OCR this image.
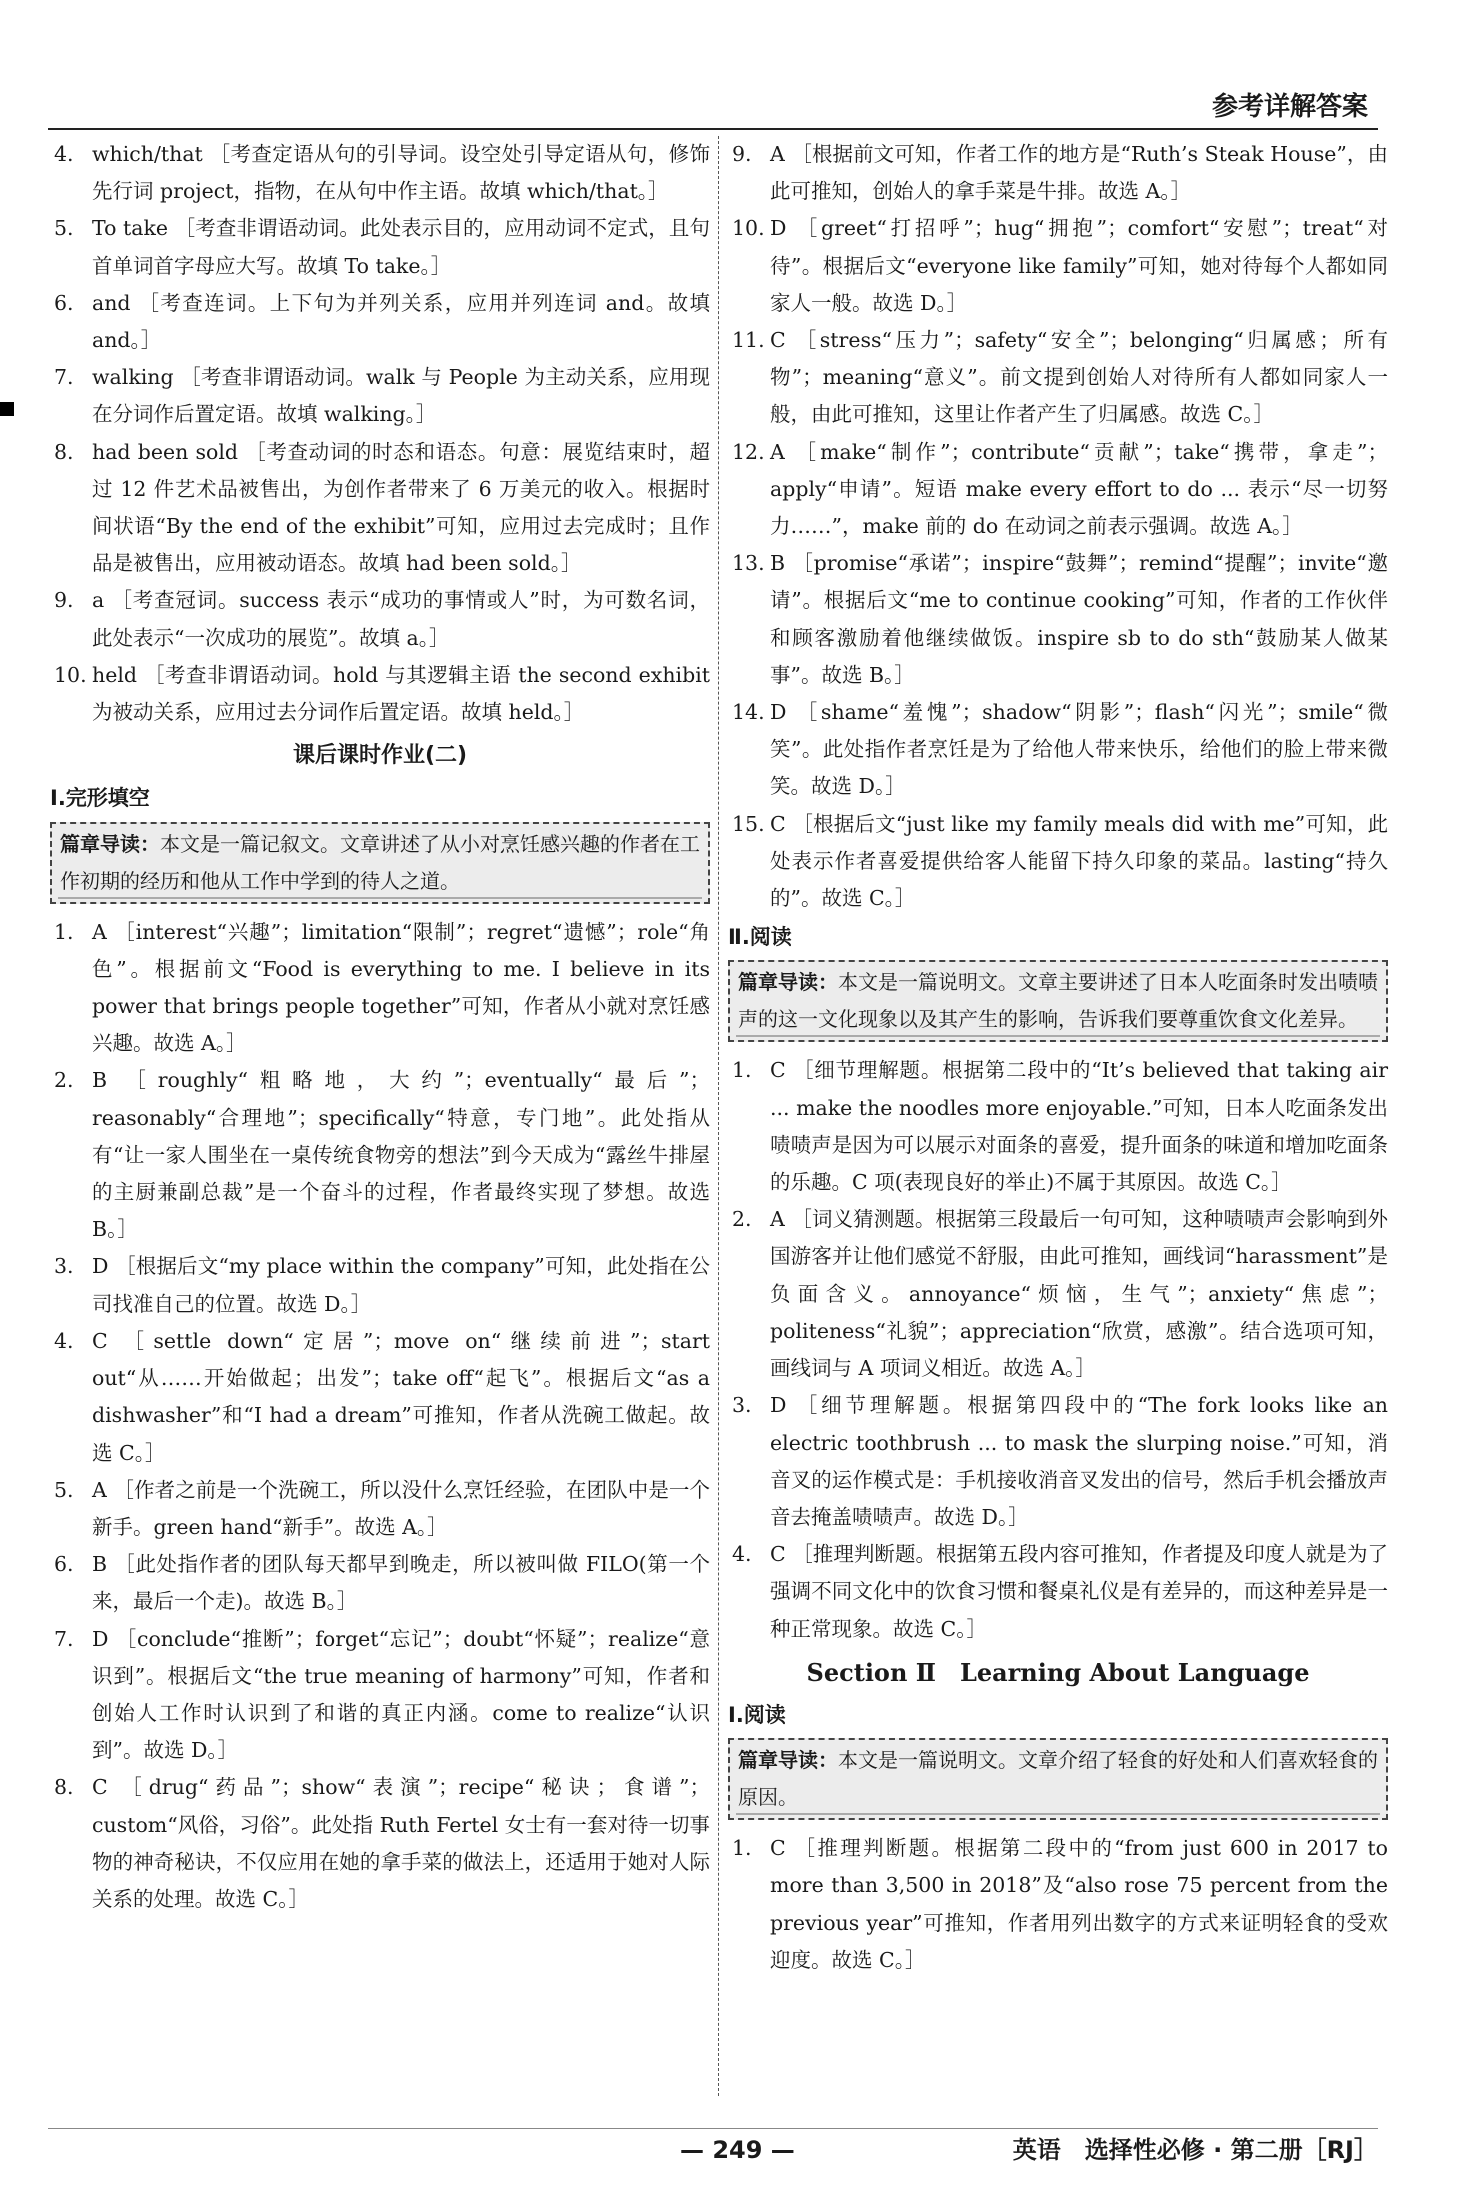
参考详解答案
4. which/that ［考查定语从句的引导词。设空处引导定语从句，修饰先行词 project，指物，在从句中作主语。故填 which/that。］
5. To take ［考查非谓语动词。此处表示目的，应用动词不定式，且句首单词首字母应大写。故填 To take。］
6. and ［考查连词。上下句为并列关系，应用并列连词 and。故填 and。］
7. walking ［考查非谓语动词。walk 与 People 为主动关系，应用现在分词作后置定语。故填 walking。］
8. had been sold ［考查动词的时态和语态。句意：展览结束时，超过 12 件艺术品被售出，为创作者带来了 6 万美元的收入。根据时间状语“By the end of the exhibit”可知，应用过去完成时；且作品是被售出，应用被动语态。故填 had been sold。］
9. a ［考查冠词。success 表示“成功的事情或人”时，为可数名词，此处表示“一次成功的展览”。故填 a。］
10. held ［考查非谓语动词。hold 与其逻辑主语 the second exhibit 为被动关系，应用过去分词作后置定语。故填 held。］
课后课时作业(二)
Ⅰ.完形填空
篇章导读：本文是一篇记叙文。文章讲述了从小对烹饪感兴趣的作者在工作初期的经历和他从工作中学到的待人之道。
1. A ［interest“兴趣”；limitation“限制”；regret“遗憾”；role“角色”。根据前文“Food is everything to me. I believe in its power that brings people together”可知，作者从小就对烹饪感兴趣。故选 A。］
2. B ［roughly“粗略地，大约”；eventually“最后”；reasonably“合理地”；specifically“特意，专门地”。此处指从有“让一家人围坐在一桌传统食物旁的想法”到今天成为“露丝牛排屋的主厨兼副总裁”是一个奋斗的过程，作者最终实现了梦想。故选 B。］
3. D ［根据后文“my place within the company”可知，此处指在公司找准自己的位置。故选 D。］
4. C ［settle down“定居”；move on“继续前进”；start out“从……开始做起；出发”；take off“起飞”。根据后文“as a dishwasher”和“I had a dream”可推知，作者从洗碗工做起。故选 C。］
5. A ［作者之前是一个洗碗工，所以没什么烹饪经验，在团队中是一个新手。green hand“新手”。故选 A。］
6. B ［此处指作者的团队每天都早到晚走，所以被叫做 FILO(第一个来，最后一个走)。故选 B。］
7. D ［conclude“推断”；forget“忘记”；doubt“怀疑”；realize“意识到”。根据后文“the true meaning of harmony”可知，作者和创始人工作时认识到了和谐的真正内涵。come to realize“认识到”。故选 D。］
8. C ［drug“药品”；show“表演”；recipe“秘诀；食谱”；custom“风俗，习俗”。此处指 Ruth Fertel 女士有一套对待一切事物的神奇秘诀，不仅应用在她的拿手菜的做法上，还适用于她对人际关系的处理。故选 C。］
9. A ［根据前文可知，作者工作的地方是“Ruth’s Steak House”，由此可推知，创始人的拿手菜是牛排。故选 A。］
10. D ［greet“打招呼”；hug“拥抱”；comfort“安慰”；treat“对待”。根据后文“everyone like family”可知，她对待每个人都如同家人一般。故选 D。］
11. C ［stress“压力”；safety“安全”；belonging“归属感；所有物”；meaning“意义”。前文提到创始人对待所有人都如同家人一般，由此可推知，这里让作者产生了归属感。故选 C。］
12. A ［make“制作”；contribute“贡献”；take“携带，拿走”；apply“申请”。短语 make every effort to do ... 表示“尽一切努力……”，make 前的 do 在动词之前表示强调。故选 A。］
13. B ［promise“承诺”；inspire“鼓舞”；remind“提醒”；invite“邀请”。根据后文“me to continue cooking”可知，作者的工作伙伴和顾客激励着他继续做饭。inspire sb to do sth“鼓励某人做某事”。故选 B。］
14. D ［shame“羞愧”；shadow“阴影”；flash“闪光”；smile“微笑”。此处指作者烹饪是为了给他人带来快乐，给他们的脸上带来微笑。故选 D。］
15. C ［根据后文“just like my family meals did with me”可知，此处表示作者喜爱提供给客人能留下持久印象的菜品。lasting“持久的”。故选 C。］
Ⅱ.阅读
篇章导读：本文是一篇说明文。文章主要讲述了日本人吃面条时发出啧啧声的这一文化现象以及其产生的影响，告诉我们要尊重饮食文化差异。
1. C ［细节理解题。根据第二段中的“It’s believed that taking air ... make the noodles more enjoyable.”可知，日本人吃面条发出啧啧声是因为可以展示对面条的喜爱，提升面条的味道和增加吃面条的乐趣。C 项(表现良好的举止)不属于其原因。故选 C。］
2. A ［词义猜测题。根据第三段最后一句可知，这种啧啧声会影响到外国游客并让他们感觉不舒服，由此可推知，画线词“harassment”是负面含义。annoyance“烦恼，生气”；anxiety“焦虑”；politeness“礼貌”；appreciation“欣赏，感激”。结合选项可知，画线词与 A 项词义相近。故选 A。］
3. D ［细节理解题。根据第四段中的“The fork looks like an electric toothbrush ... to mask the slurping noise.”可知，消音叉的运作模式是：手机接收消音叉发出的信号，然后手机会播放声音去掩盖啧啧声。故选 D。］
4. C ［推理判断题。根据第五段内容可推知，作者提及印度人就是为了强调不同文化中的饮食习惯和餐桌礼仪是有差异的，而这种差异是一种正常现象。故选 C。］
Section Ⅱ　Learning About Language
Ⅰ.阅读
篇章导读：本文是一篇说明文。文章介绍了轻食的好处和人们喜欢轻食的原因。
1. C ［推理判断题。根据第二段中的“from just 600 in 2017 to more than 3,500 in 2018”及“also rose 75 percent from the previous year”可推知，作者用列出数字的方式来证明轻食的受欢迎度。故选 C。］
— 249 —	英语　选择性必修 · 第二册［RJ］
